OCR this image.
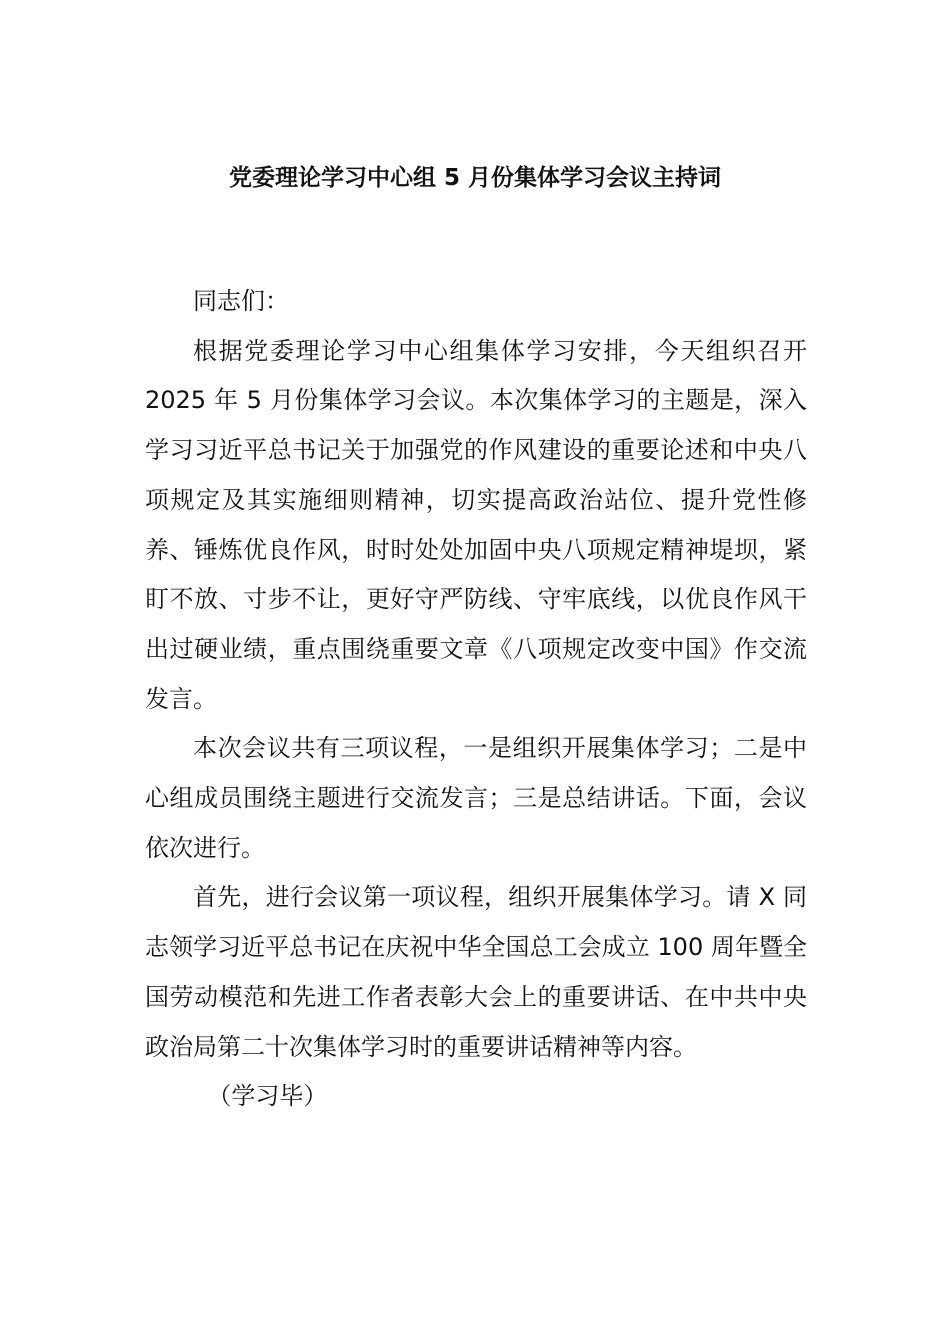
党委理论学习中心组 5 月份集体学习会议主持词

同志们：

根据党委理论学习中心组集体学习安排，今天组织召开 2025 年 5 月份集体学习会议。本次集体学习的主题是，深入学习习近平总书记关于加强党的作风建设的重要论述和中央八项规定及其实施细则精神，切实提高政治站位、提升党性修养、锤炼优良作风，时时处处加固中央八项规定精神堤坝，紧盯不放、寸步不让，更好守严防线、守牢底线，以优良作风干出过硬业绩，重点围绕重要文章《八项规定改变中国》作交流发言。

本次会议共有三项议程，一是组织开展集体学习；二是中心组成员围绕主题进行交流发言；三是总结讲话。下面，会议依次进行。

首先，进行会议第一项议程，组织开展集体学习。请 X 同志领学习近平总书记在庆祝中华全国总工会成立 100 周年暨全国劳动模范和先进工作者表彰大会上的重要讲话、在中共中央政治局第二十次集体学习时的重要讲话精神等内容。

（学习毕）
